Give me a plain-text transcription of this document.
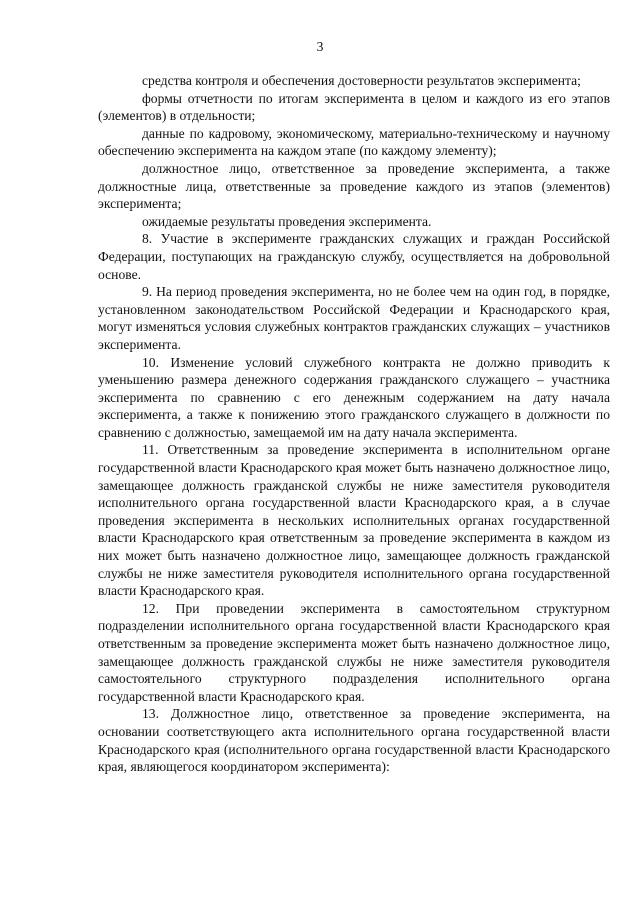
3

средства контроля и обеспечения достоверности результатов эксперимента;

формы отчетности по итогам эксперимента в целом и каждого из его этапов (элементов) в отдельности;

данные по кадровому, экономическому, материально-техническому и научному обеспечению эксперимента на каждом этапе (по каждому элементу);

должностное лицо, ответственное за проведение эксперимента, а также должностные лица, ответственные за проведение каждого из этапов (элементов) эксперимента;

ожидаемые результаты проведения эксперимента.

8. Участие в эксперименте гражданских служащих и граждан Российской Федерации, поступающих на гражданскую службу, осуществляется на добровольной основе.

9. На период проведения эксперимента, но не более чем на один год, в порядке, установленном законодательством Российской Федерации и Краснодарского края, могут изменяться условия служебных контрактов гражданских служащих – участников эксперимента.

10. Изменение условий служебного контракта не должно приводить к уменьшению размера денежного содержания гражданского служащего – участника эксперимента по сравнению с его денежным содержанием на дату начала эксперимента, а также к понижению этого гражданского служащего в должности по сравнению с должностью, замещаемой им на дату начала эксперимента.

11. Ответственным за проведение эксперимента в исполнительном органе государственной власти Краснодарского края может быть назначено должностное лицо, замещающее должность гражданской службы не ниже заместителя руководителя исполнительного органа государственной власти Краснодарского края, а в случае проведения эксперимента в нескольких исполнительных органах государственной власти Краснодарского края ответственным за проведение эксперимента в каждом из них может быть назначено должностное лицо, замещающее должность гражданской службы не ниже заместителя руководителя исполнительного органа государственной власти Краснодарского края.

12. При проведении эксперимента в самостоятельном структурном подразделении исполнительного органа государственной власти Краснодарского края ответственным за проведение эксперимента может быть назначено должностное лицо, замещающее должность гражданской службы не ниже заместителя руководителя самостоятельного структурного подразделения исполнительного органа государственной власти Краснодарского края.

13. Должностное лицо, ответственное за проведение эксперимента, на основании соответствующего акта исполнительного органа государственной власти Краснодарского края (исполнительного органа государственной власти Краснодарского края, являющегося координатором эксперимента):
